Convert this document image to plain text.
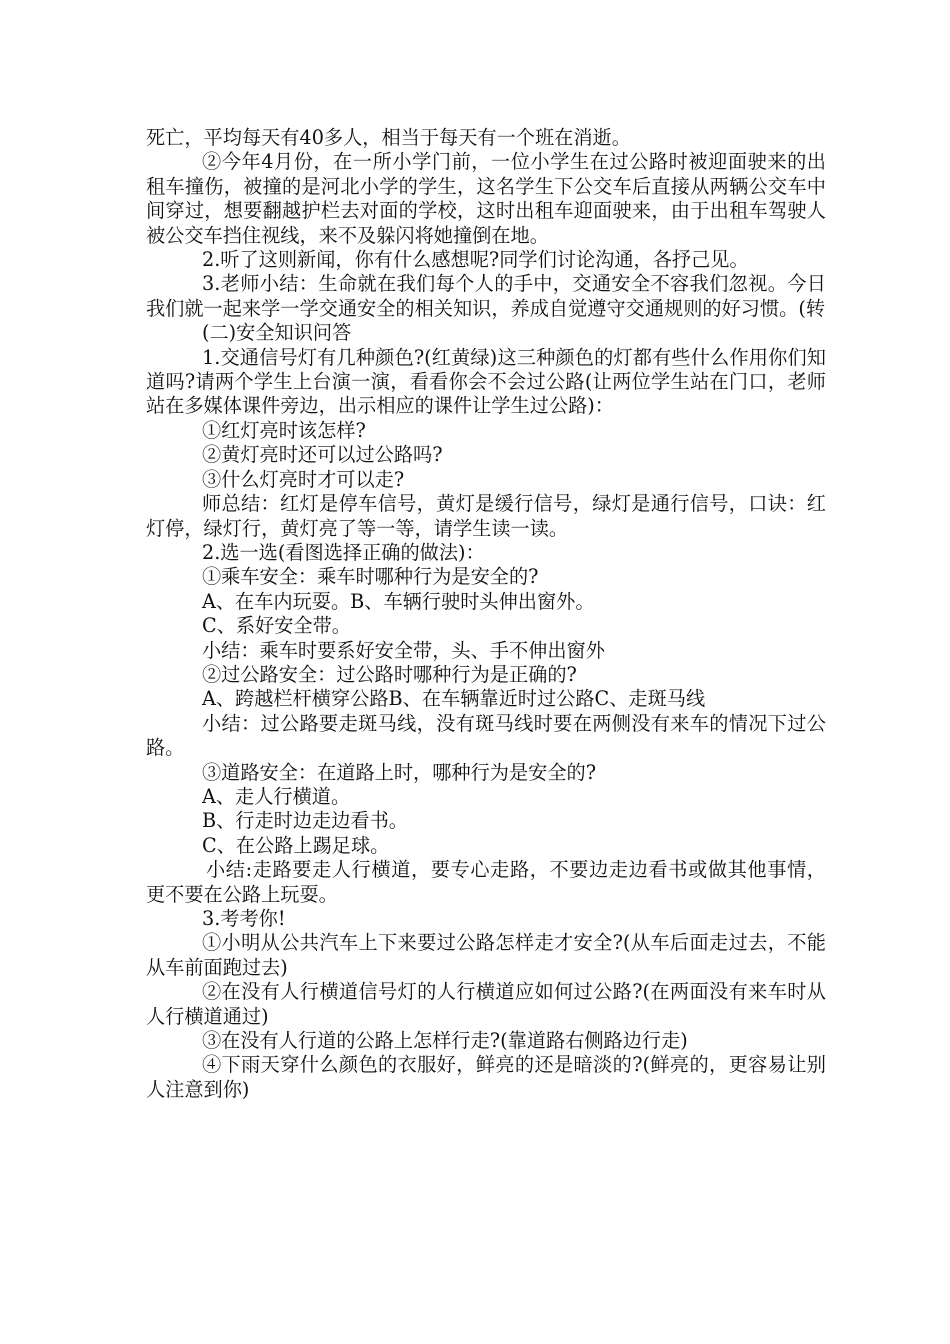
死亡，平均每天有40多人，相当于每天有一个班在消逝。

②今年4月份，在一所小学门前，一位小学生在过公路时被迎面驶来的出租车撞伤，被撞的是河北小学的学生，这名学生下公交车后直接从两辆公交车中间穿过，想要翻越护栏去对面的学校，这时出租车迎面驶来，由于出租车驾驶人被公交车挡住视线，来不及躲闪将她撞倒在地。

2.听了这则新闻，你有什么感想呢?同学们讨论沟通，各抒己见。

3.老师小结：生命就在我们每个人的手中，交通安全不容我们忽视。今日我们就一起来学一学交通安全的相关知识，养成自觉遵守交通规则的好习惯。(转

(二)安全知识问答

1.交通信号灯有几种颜色?(红黄绿)这三种颜色的灯都有些什么作用你们知道吗?请两个学生上台演一演，看看你会不会过公路(让两位学生站在门口，老师站在多媒体课件旁边，出示相应的课件让学生过公路)：

①红灯亮时该怎样?

②黄灯亮时还可以过公路吗?

③什么灯亮时才可以走?

师总结：红灯是停车信号，黄灯是缓行信号，绿灯是通行信号，口诀：红灯停，绿灯行，黄灯亮了等一等，请学生读一读。

2.选一选(看图选择正确的做法)：

①乘车安全：乘车时哪种行为是安全的?

A、在车内玩耍。B、车辆行驶时头伸出窗外。

C、系好安全带。

小结：乘车时要系好安全带，头、手不伸出窗外

②过公路安全：过公路时哪种行为是正确的?

A、跨越栏杆横穿公路B、在车辆靠近时过公路C、走斑马线

小结：过公路要走斑马线，没有斑马线时要在两侧没有来车的情况下过公路。

③道路安全：在道路上时，哪种行为是安全的?

A、走人行横道。

B、行走时边走边看书。

C、在公路上踢足球。

小结:走路要走人行横道，要专心走路，不要边走边看书或做其他事情，更不要在公路上玩耍。

3.考考你!

①小明从公共汽车上下来要过公路怎样走才安全?(从车后面走过去，不能从车前面跑过去)

②在没有人行横道信号灯的人行横道应如何过公路?(在两面没有来车时从人行横道通过)

③在没有人行道的公路上怎样行走?(靠道路右侧路边行走)

④下雨天穿什么颜色的衣服好，鲜亮的还是暗淡的?(鲜亮的，更容易让别人注意到你)
